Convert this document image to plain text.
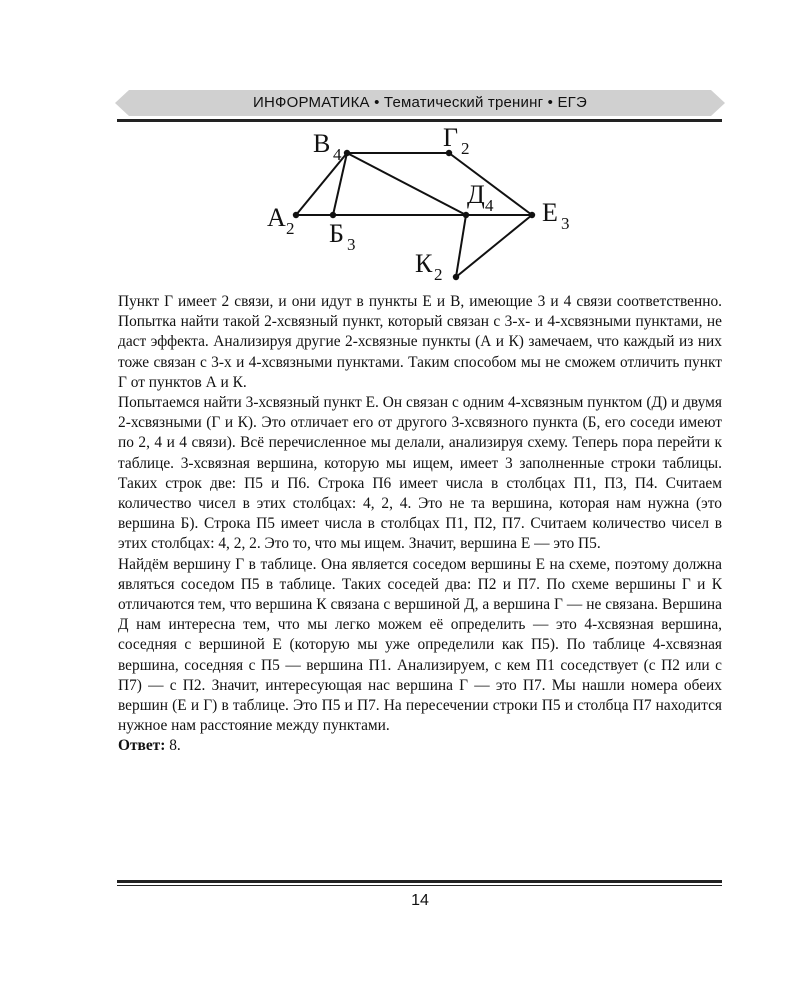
ИНФОРМАТИКА • Тематический тренинг • ЕГЭ
В 4
Г 2
А 2 Б 3
Д 4 Е 3
К 2

Пункт Г имеет 2 связи, и они идут в пункты Е и В, имеющие 3 и 4 связи соответственно. Попытка найти такой 2-хсвязный пункт, который связан с 3-х- и 4-хсвязными пунктами, не даст эффекта. Анализируя другие 2-хсвязные пункты (А и К) замечаем, что каждый из них тоже связан с 3-х и 4-хсвязными пунктами. Таким способом мы не сможем отличить пункт Г от пунктов А и К.

Попытаемся найти 3-хсвязный пункт Е. Он связан с одним 4-хсвязным пунктом (Д) и двумя 2-хсвязными (Г и К). Это отличает его от другого 3-хсвязного пункта (Б, его соседи имеют по 2, 4 и 4 связи). Всё перечисленное мы делали, анализируя схему. Теперь пора перейти к таблице. 3-хсвязная вершина, которую мы ищем, имеет 3 заполненные строки таблицы. Таких строк две: П5 и П6. Строка П6 имеет числа в столбцах П1, П3, П4. Считаем количество чисел в этих столбцах: 4, 2, 4. Это не та вершина, которая нам нужна (это вершина Б). Строка П5 имеет числа в столбцах П1, П2, П7. Считаем количество чисел в этих столбцах: 4, 2, 2. Это то, что мы ищем. Значит, вершина Е — это П5.

Найдём вершину Г в таблице. Она является соседом вершины Е на схеме, поэтому должна являться соседом П5 в таблице. Таких соседей два: П2 и П7. По схеме вершины Г и К отличаются тем, что вершина К связана с вершиной Д, а вершина Г — не связана. Вершина Д нам интересна тем, что мы легко можем её определить — это 4-хсвязная вершина, соседняя с вершиной Е (которую мы уже определили как П5). По таблице 4-хсвязная вершина, соседняя с П5 — вершина П1. Анализируем, с кем П1 соседствует (с П2 или с П7) — с П2. Значит, интересующая нас вершина Г — это П7. Мы нашли номера обеих вершин (Е и Г) в таблице. Это П5 и П7. На пересечении строки П5 и столбца П7 находится нужное нам расстояние между пунктами.

Ответ: 8.

14
